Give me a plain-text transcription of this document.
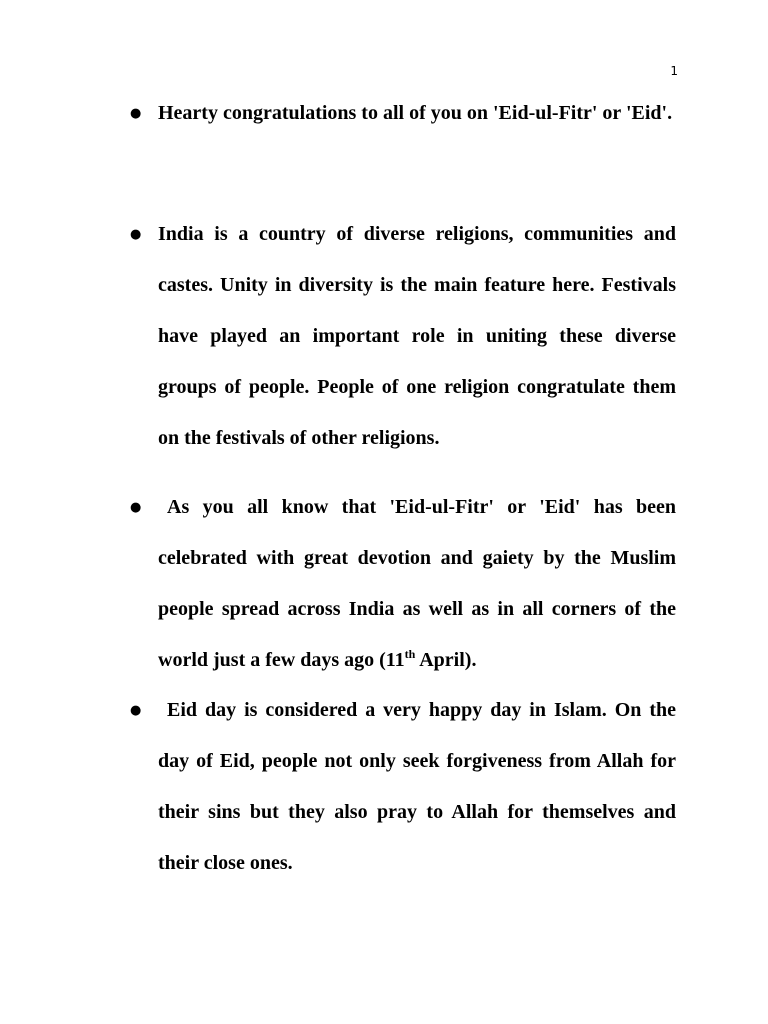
1
● Hearty congratulations to all of you on 'Eid-ul-Fitr' or 'Eid'.

● India is a country of diverse religions, communities and castes. Unity in diversity is the main feature here. Festivals have played an important role in uniting these diverse groups of people. People of one religion congratulate them on the festivals of other religions.

●	As you all know that 'Eid-ul-Fitr' or 'Eid' has been celebrated with great devotion and gaiety by the Muslim people spread across India as well as in all corners of the world just a few days ago (11th April).

●	Eid day is considered a very happy day in Islam. On the day of Eid, people not only seek forgiveness from Allah for their sins but they also pray to Allah for themselves and their close ones.
